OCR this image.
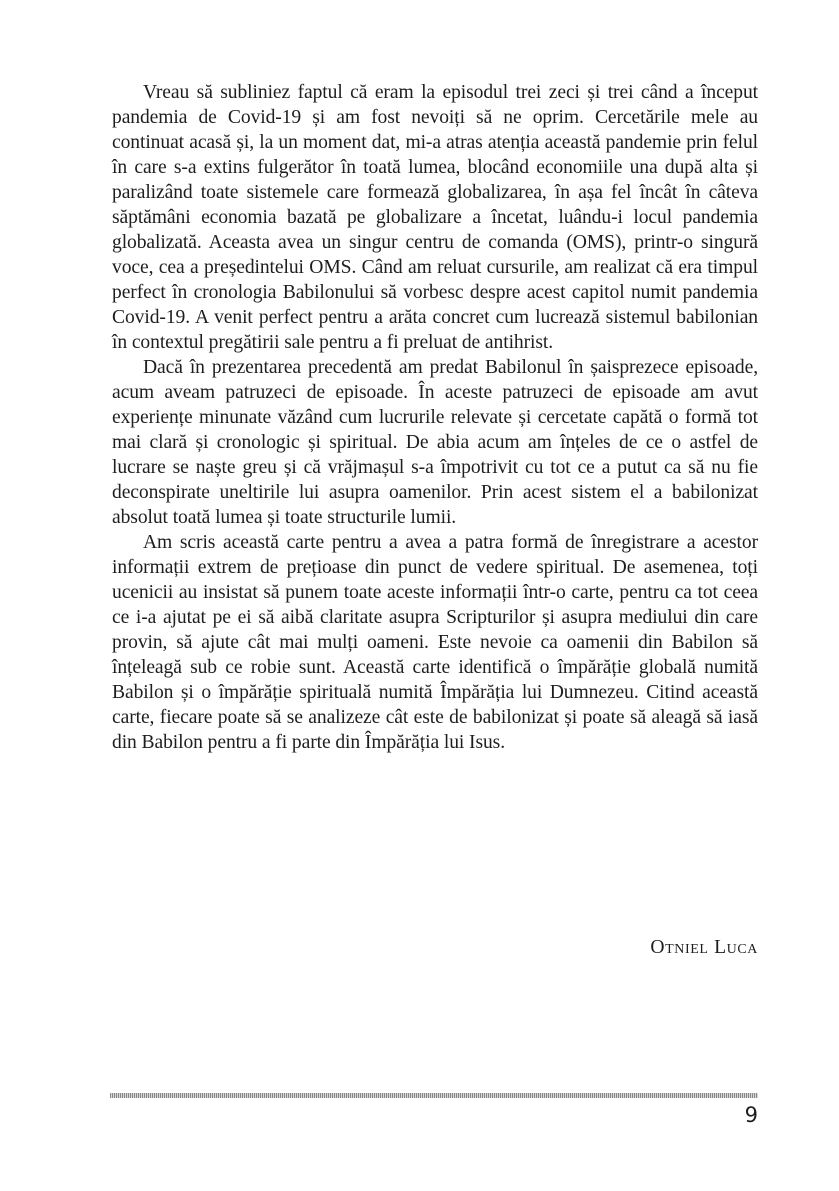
Vreau să subliniez faptul că eram la episodul trei zeci și trei când a început pandemia de Covid-19 și am fost nevoiți să ne oprim. Cercetările mele au continuat acasă și, la un moment dat, mi-a atras atenția această pandemie prin felul în care s-a extins fulgerător în toată lumea, blocând economiile una după alta și paralizând toate sistemele care formează globalizarea, în așa fel încât în câteva săptămâni economia bazată pe globalizare a încetat, luându-i locul pandemia globalizată. Aceasta avea un singur centru de comanda (OMS), printr-o singură voce, cea a președintelui OMS. Când am reluat cursurile, am realizat că era timpul perfect în cronologia Babilonului să vorbesc despre acest capitol numit pandemia Covid-19. A venit perfect pentru a arăta concret cum lucrează sistemul babilonian în contextul pregătirii sale pentru a fi preluat de antihrist.

Dacă în prezentarea precedentă am predat Babilonul în șaisprezece episoade, acum aveam patruzeci de episoade. În aceste patruzeci de episoade am avut experiențe minunate văzând cum lucrurile relevate și cercetate capătă o formă tot mai clară și cronologic și spiritual. De abia acum am înțeles de ce o astfel de lucrare se naște greu și că vrăjmașul s-a împotrivit cu tot ce a putut ca să nu fie deconspirate uneltirile lui asupra oamenilor. Prin acest sistem el a babilonizat absolut toată lumea și toate structurile lumii.

Am scris această carte pentru a avea a patra formă de înregistrare a acestor informații extrem de prețioase din punct de vedere spiritual. De asemenea, toți ucenicii au insistat să punem toate aceste informații într-o carte, pentru ca tot ceea ce i-a ajutat pe ei să aibă claritate asupra Scripturilor și asupra mediului din care provin, să ajute cât mai mulți oameni. Este nevoie ca oamenii din Babilon să înțeleagă sub ce robie sunt. Această carte identifică o împărăție globală numită Babilon și o împărăție spirituală numită Împărăția lui Dumnezeu. Citind această carte, fiecare poate să se analizeze cât este de babilonizat și poate să aleagă să iasă din Babilon pentru a fi parte din Împărăția lui Isus.

Otniel Luca
9
